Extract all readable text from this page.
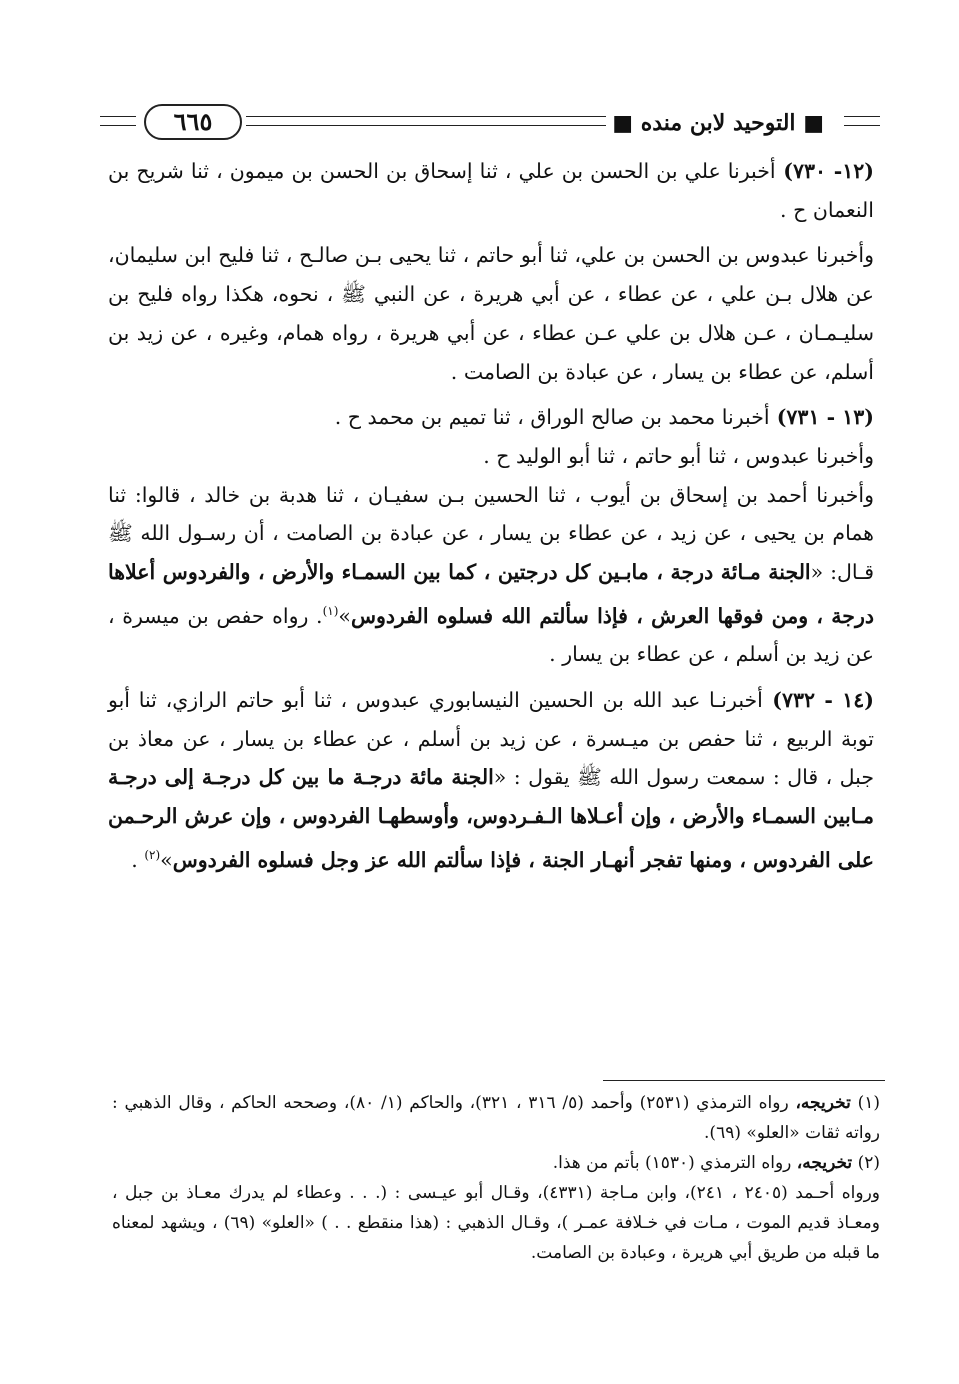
٦٦٥	■ التوحيد لابن منده ■

(١٢- ٧٣٠) أخبرنا علي بن الحسن بن علي ، ثنا إسحاق بن الحسن بن ميمون ، ثنا شريح بن النعمان ح .

وأخبرنا عبدوس بن الحسن بن علي، ثنا أبو حاتم ، ثنا يحيى بـن صالـح ، ثنا فليح ابن سليمان، عن هلال بـن علي ، عن عطاء ، عن أبي هريرة ، عن النبي ﷺ ، نحوه، هكذا رواه فليح بن سليـمـان ، عـن هلال بن علي عـن عطاء ، عن أبي هريرة ، رواه همام، وغيره ، عن زيد بن أسلم، عن عطاء بن يسار ، عن عبادة بن الصامت .

(١٣ - ٧٣١) أخبرنا محمد بن صالح الوراق ، ثنا تميم بن محمد ح .

وأخبرنا عبدوس ، ثنا أبو حاتم ، ثنا أبو الوليد ح .

وأخبرنا أحمد بن إسحاق بن أيوب ، ثنا الحسين بـن سفيـان ، ثنا هدبة بن خالد ، قالوا: ثنا همام بن يحيى ، عن زيد ، عن عطاء بن يسار ، عن عبادة بن الصامت ، أن رسـول الله ﷺ قـال: «الجنة مـائة درجة ، مابـين كل درجتين ، كما بين السمـاء والأرض ، والفردوس أعلاها درجة ، ومن فوقها العرش ، فإذا سألتم الله فسلوه الفردوس»$^{(١)}$. رواه حفص بن ميسرة ، عن زيد بن أسلم ، عن عطاء بن يسار .

(١٤ - ٧٣٢) أخبرنـا عبد الله بن الحسين النيسابوري عبدوس ، ثنا أبو حاتم الرازي، ثنا أبو توبة الربيع ، ثنا حفص بن ميـسرة ، عن زيد بن أسلم ، عن عطاء بن يسار ، عن معاذ بن جبل ، قال : سمعت رسول الله ﷺ يقول : «الجنة مائة درجـة ما بين كل درجـة إلى درجـة مـابين السمـاء والأرض ، وإن أعـلاها الـفـردوس، وأوسطهـا الفردوس ، وإن عرش الرحـمن على الفردوس ، ومنها تفجر أنهـار الجنة ، فإذا سألتم الله عز وجل فسلوه الفردوس»$^{(٢)}$ .

(١) تخريجه، رواه الترمذي (٢٥٣١) وأحمد (٥/ ٣١٦ ، ٣٢١)، والحاكم (١/ ٨٠)، وصححه الحاكم ، وقال الذهبي : رواته ثقات «العلو» (٦٩).

(٢) تخريجه، رواه الترمذي (١٥٣٠) بأتم من هذا.

ورواه أحـمد (٢٤٠٥ ، ٢٤١)، وابن مـاجة (٤٣٣١)، وقـال أبو عيـسى : (. . . وعطاء لم يدرك معـاذ بن جبل ، ومعـاذ قديم الموت ، مـات في خـلافة عمـر )، وقـال الذهبي : (هذا منقطع . . ) «العلو» (٦٩) ، ويشهد لمعناه ما قبله من طريق أبي هريرة ، وعبادة بن الصامت.
